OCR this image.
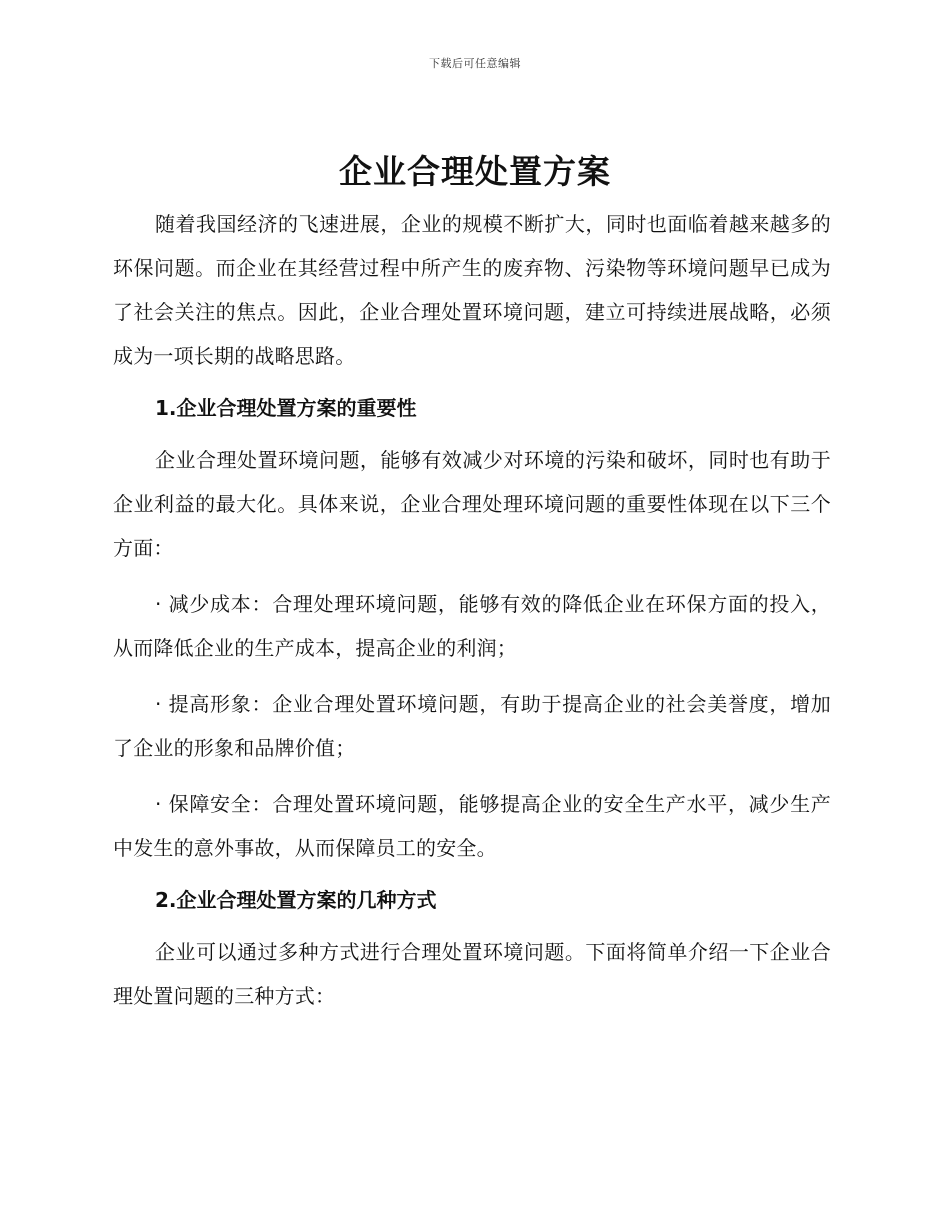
下载后可任意编辑
企业合理处置方案

随着我国经济的飞速进展，企业的规模不断扩大，同时也面临着越来越多的环保问题。而企业在其经营过程中所产生的废弃物、污染物等环境问题早已成为了社会关注的焦点。因此，企业合理处置环境问题，建立可持续进展战略，必须成为一项长期的战略思路。

1.企业合理处置方案的重要性

企业合理处置环境问题，能够有效减少对环境的污染和破坏，同时也有助于企业利益的最大化。具体来说，企业合理处理环境问题的重要性体现在以下三个方面：

· 减少成本：合理处理环境问题，能够有效的降低企业在环保方面的投入，从而降低企业的生产成本，提高企业的利润；

· 提高形象：企业合理处置环境问题，有助于提高企业的社会美誉度，增加了企业的形象和品牌价值；

· 保障安全：合理处置环境问题，能够提高企业的安全生产水平，减少生产中发生的意外事故，从而保障员工的安全。

2.企业合理处置方案的几种方式

企业可以通过多种方式进行合理处置环境问题。下面将简单介绍一下企业合理处置问题的三种方式：
